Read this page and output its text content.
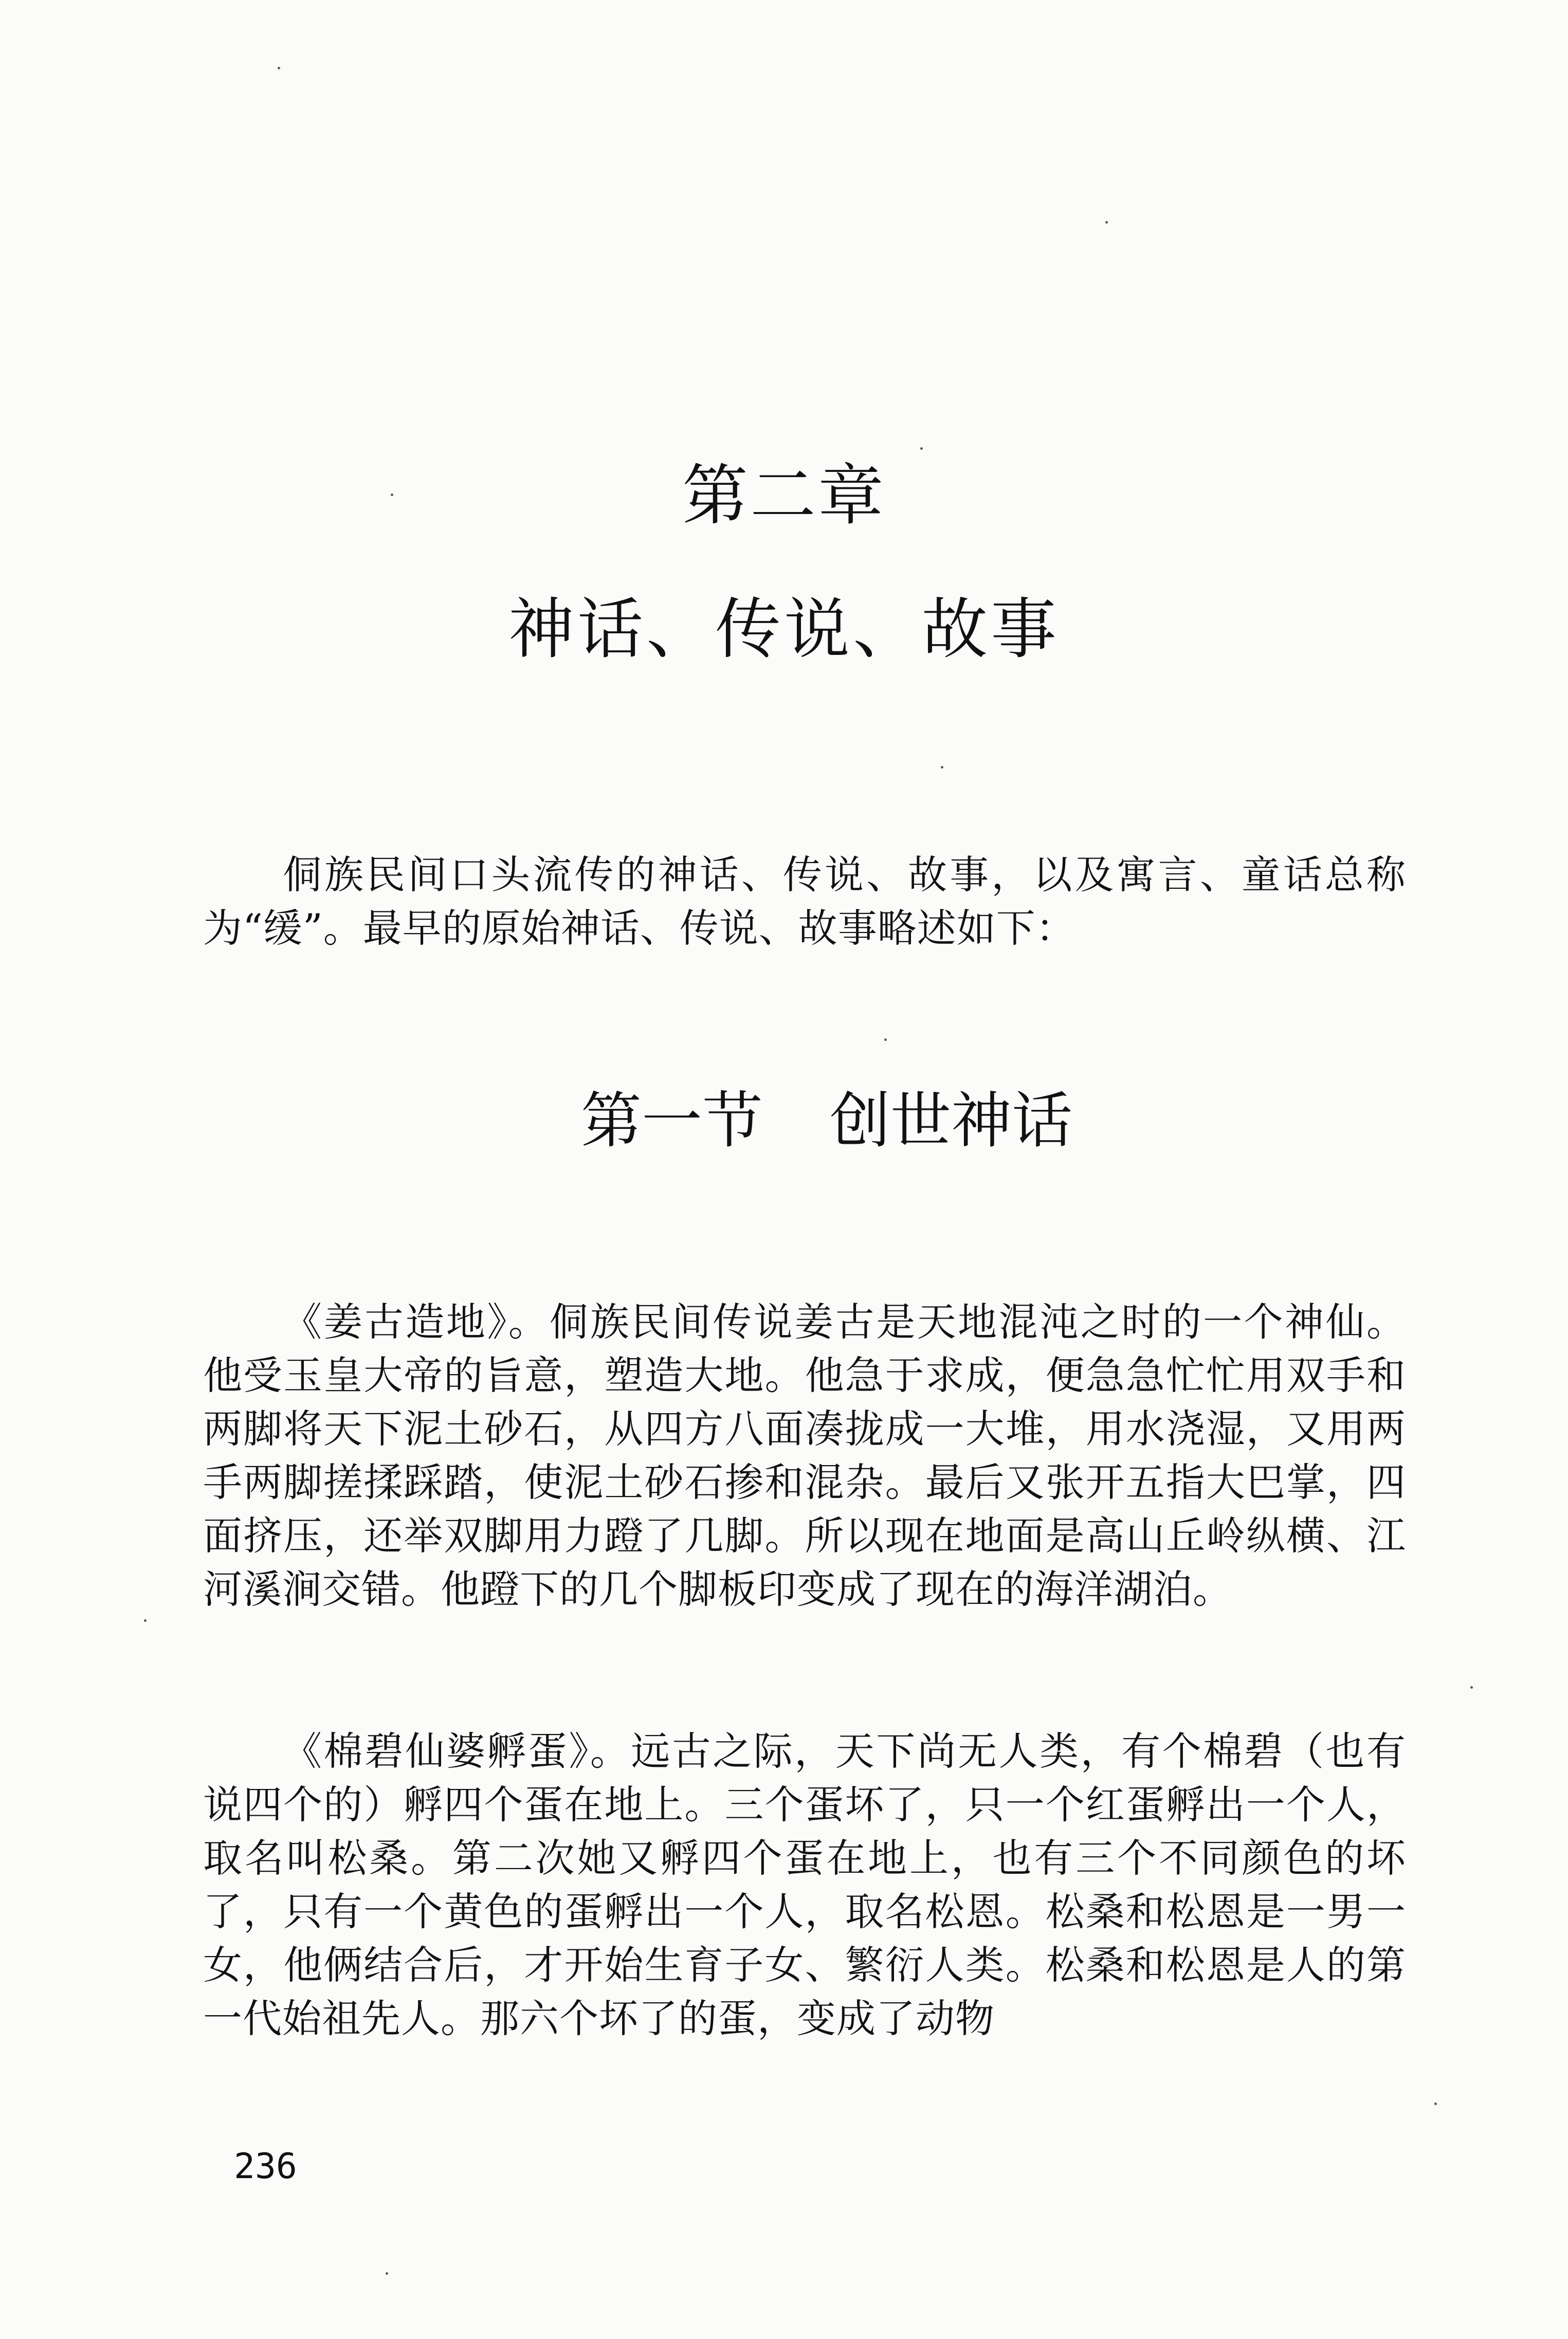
第二章
神话、传说、故事

侗族民间口头流传的神话、传说、故事，以及寓言、童话总称为“缓”。最早的原始神话、传说、故事略述如下：

第一节 创世神话

《姜古造地》。侗族民间传说姜古是天地混沌之时的一个神仙。他受玉皇大帝的旨意，塑造大地。他急于求成，便急急忙忙用双手和两脚将天下泥土砂石，从四方八面凑拢成一大堆，用水浇湿，又用两手两脚搓揉踩踏，使泥土砂石掺和混杂。最后又张开五指大巴掌，四面挤压，还举双脚用力蹬了几脚。所以现在地面是高山丘岭纵横、江河溪涧交错。他蹬下的几个脚板印变成了现在的海洋湖泊。

《棉碧仙婆孵蛋》。远古之际，天下尚无人类，有个棉碧（也有说四个的）孵四个蛋在地上。三个蛋坏了，只一个红蛋孵出一个人，取名叫松桑。第二次她又孵四个蛋在地上，也有三个不同颜色的坏了，只有一个黄色的蛋孵出一个人，取名松恩。松桑和松恩是一男一女，他俩结合后，才开始生育子女、繁衍人类。松桑和松恩是人的第一代始祖先人。那六个坏了的蛋，变成了动物

236
